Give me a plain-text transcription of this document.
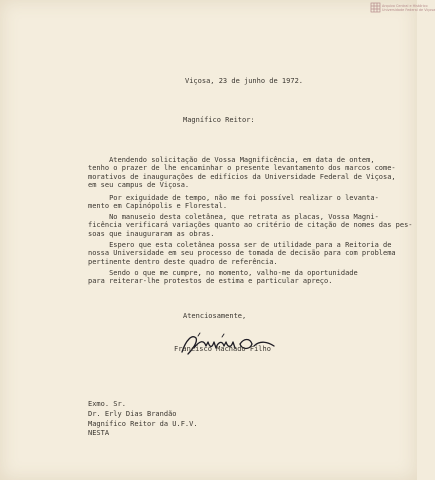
Arquivo Central e Histórico
Universidade Federal de Viçosa
Viçosa, 23 de junho de 1972.
Magnífico Reitor:
Atendendo solicitação de Vossa Magnificência, em data de ontem,
tenho o prazer de lhe encaminhar o presente levantamento dos marcos come-
morativos de inaugurações de edifícios da Universidade Federal de Viçosa,
em seu campus de Viçosa.
Por exiguidade de tempo, não me foi possível realizar o levanta-
mento em Capinópolis e Florestal.
No manuseio desta coletânea, que retrata as placas, Vossa Magni-
ficência verificará variações quanto ao critério de citação de nomes das pes-
soas que inauguraram as obras.
Espero que esta coletânea possa ser de utilidade para a Reitoria de
nossa Universidade em seu processo de tomada de decisão para com problema
pertinente dentro deste quadro de referência.
Sendo o que me cumpre, no momento, valho-me da oportunidade
para reiterar-lhe protestos de estima e particular apreço.
Atenciosamente,
Francisco Machado Filho
Exmo. Sr.
Dr. Erly Dias Brandão
Magnífico Reitor da U.F.V.
NESTA
